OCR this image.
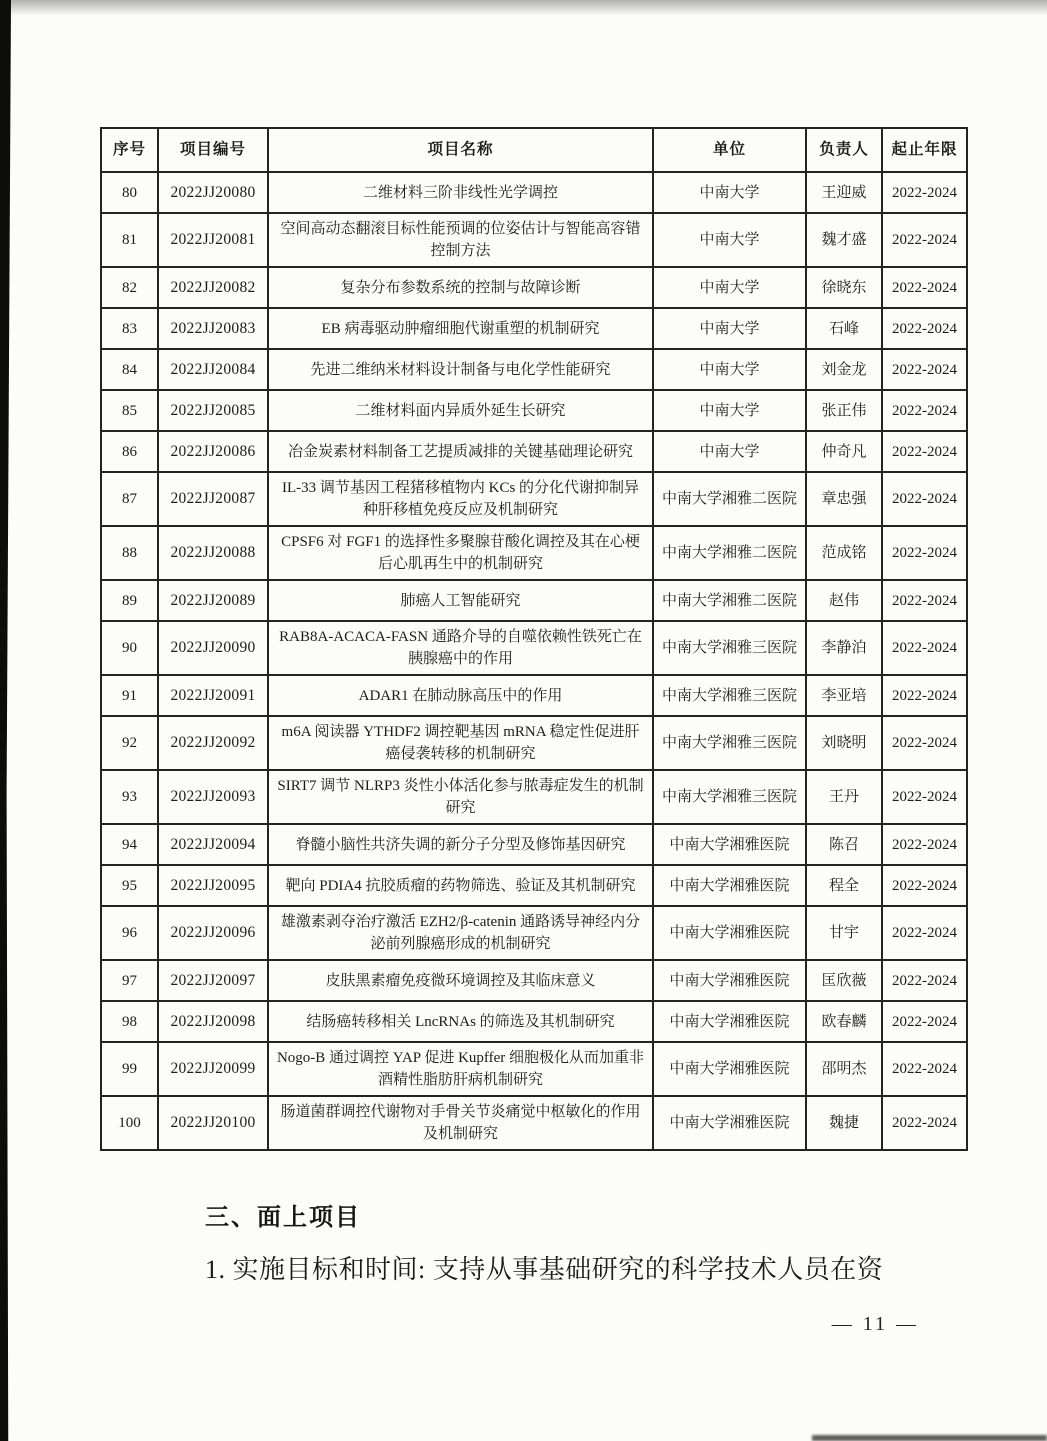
序号	项目编号	项目名称	单位	负责人	起止年限
80	2022JJ20080	二维材料三阶非线性光学调控	中南大学	王迎威	2022-2024
81	2022JJ20081	空间高动态翻滚目标性能预调的位姿估计与智能高容错控制方法	中南大学	魏才盛	2022-2024
82	2022JJ20082	复杂分布参数系统的控制与故障诊断	中南大学	徐晓东	2022-2024
83	2022JJ20083	EB 病毒驱动肿瘤细胞代谢重塑的机制研究	中南大学	石峰	2022-2024
84	2022JJ20084	先进二维纳米材料设计制备与电化学性能研究	中南大学	刘金龙	2022-2024
85	2022JJ20085	二维材料面内异质外延生长研究	中南大学	张正伟	2022-2024
86	2022JJ20086	冶金炭素材料制备工艺提质减排的关键基础理论研究	中南大学	仲奇凡	2022-2024
87	2022JJ20087	IL-33 调节基因工程猪移植物内 KCs 的分化代谢抑制异种肝移植免疫反应及机制研究	中南大学湘雅二医院	章忠强	2022-2024
88	2022JJ20088	CPSF6 对 FGF1 的选择性多聚腺苷酸化调控及其在心梗后心肌再生中的机制研究	中南大学湘雅二医院	范成铭	2022-2024
89	2022JJ20089	肺癌人工智能研究	中南大学湘雅二医院	赵伟	2022-2024
90	2022JJ20090	RAB8A-ACACA-FASN 通路介导的自噬依赖性铁死亡在胰腺癌中的作用	中南大学湘雅三医院	李静泊	2022-2024
91	2022JJ20091	ADAR1 在肺动脉高压中的作用	中南大学湘雅三医院	李亚培	2022-2024
92	2022JJ20092	m6A 阅读器 YTHDF2 调控靶基因 mRNA 稳定性促进肝癌侵袭转移的机制研究	中南大学湘雅三医院	刘晓明	2022-2024
93	2022JJ20093	SIRT7 调节 NLRP3 炎性小体活化参与脓毒症发生的机制研究	中南大学湘雅三医院	王丹	2022-2024
94	2022JJ20094	脊髓小脑性共济失调的新分子分型及修饰基因研究	中南大学湘雅医院	陈召	2022-2024
95	2022JJ20095	靶向 PDIA4 抗胶质瘤的药物筛选、验证及其机制研究	中南大学湘雅医院	程全	2022-2024
96	2022JJ20096	雄激素剥夺治疗激活 EZH2/β-catenin 通路诱导神经内分泌前列腺癌形成的机制研究	中南大学湘雅医院	甘宇	2022-2024
97	2022JJ20097	皮肤黑素瘤免疫微环境调控及其临床意义	中南大学湘雅医院	匡欣薇	2022-2024
98	2022JJ20098	结肠癌转移相关 LncRNAs 的筛选及其机制研究	中南大学湘雅医院	欧春麟	2022-2024
99	2022JJ20099	Nogo-B 通过调控 YAP 促进 Kupffer 细胞极化从而加重非酒精性脂肪肝病机制研究	中南大学湘雅医院	邵明杰	2022-2024
100	2022JJ20100	肠道菌群调控代谢物对手骨关节炎痛觉中枢敏化的作用及机制研究	中南大学湘雅医院	魏捷	2022-2024
三、面上项目

1. 实施目标和时间: 支持从事基础研究的科学技术人员在资

— 11 —
